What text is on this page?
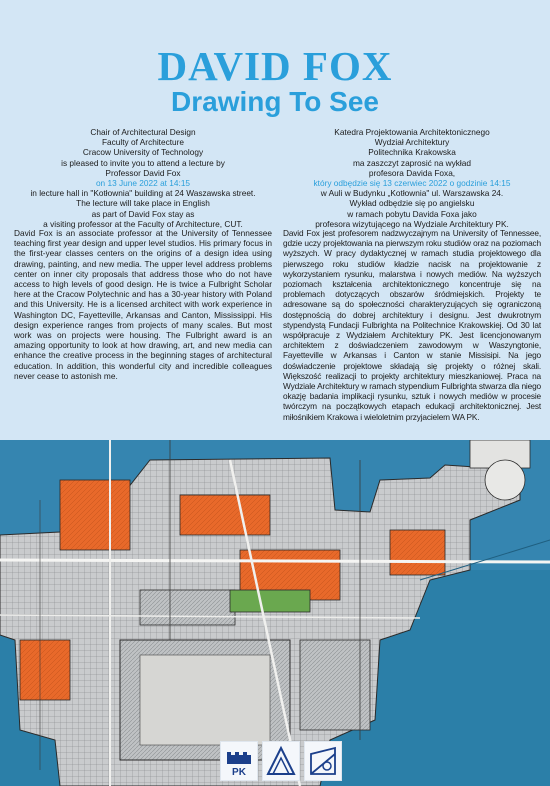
DAVID FOX
Drawing To See
Chair of Architectural Design
Faculty of Architecture
Cracow University of Technology
is pleased to invite you to attend a lecture by
Professor David Fox
on 13 June 2022 at 14:15
in lecture hall in "Kotłownia" building at 24 Waszawska street.
The lecture will take place in English
as part of David Fox stay as
a visiting professor at the Faculty of Architecture, CUT.
Katedra Projektowania Architektonicznego
Wydział Architektury
Politechnika Krakowska
ma zaszczyt zaprosić na wykład
profesora Davida Foxa,
który odbędzie się 13 czerwiec 2022 o godzinie 14:15
w Auli w Budynku „Kotłownia" ul. Warszawska 24.
Wykład odbędzie się po angielsku
w ramach pobytu Davida Foxa jako
profesora wizytującego na Wydziale Architektury PK.
David Fox is an associate professor at the University of Tennessee teaching first year design and upper level studios. His primary focus in the first-year classes centers on the origins of a design idea using drawing, painting, and new media. The upper level address problems center on inner city proposals that address those who do not have access to high levels of good design. He is twice a Fulbright Scholar here at the Cracow Polytechnic and has a 30-year history with Poland and this University. He is a licensed architect with work experience in Washington DC, Fayetteville, Arkansas and Canton, Mississippi. His design experience ranges from projects of many scales. But most work was on projects were housing. The Fulbright award is an amazing opportunity to look at how drawing, art, and new media can enhance the creative process in the beginning stages of architectural education. In addition, this wonderful city and incredible colleagues never cease to astonish me.
David Fox jest profesorem nadzwyczajnym na University of Tennessee, gdzie uczy projektowania na pierwszym roku studiów oraz na poziomach wyższych. W pracy dydaktycznej w ramach studia projektowego dla pierwszego roku studiów kładzie nacisk na projektowanie z wykorzystaniem rysunku, malarstwa i nowych mediów. Na wyższych poziomach kształcenia architektonicznego koncentruje się na problemach dotyczących obszarów śródmiejskich. Projekty te adresowane są do społeczności charakteryzujących się ograniczoną dostępnością do dobrej architektury i designu. Jest dwukrotnym stypendystą Fundacji Fulbrighta na Politechnice Krakowskiej. Od 30 lat współpracuje z Wydziałem Architektury PK. Jest licencjonowanym architektem z doświadczeniem zawodowym w Waszyngtonie, Fayetteville w Arkansas i Canton w stanie Missisipi. Na jego doświadczenie projektowe składają się projekty o różnej skali. Większość realizacji to projekty architektury mieszkaniowej. Praca na Wydziale Architektury w ramach stypendium Fulbrighta stwarza dla niego okazję badania implikacji rysunku, sztuk i nowych mediów w procesie twórczym na początkowych etapach edukacji architektonicznej. Jest miłośnikiem Krakowa i wieloletnim przyjacielem WA PK.
PK
